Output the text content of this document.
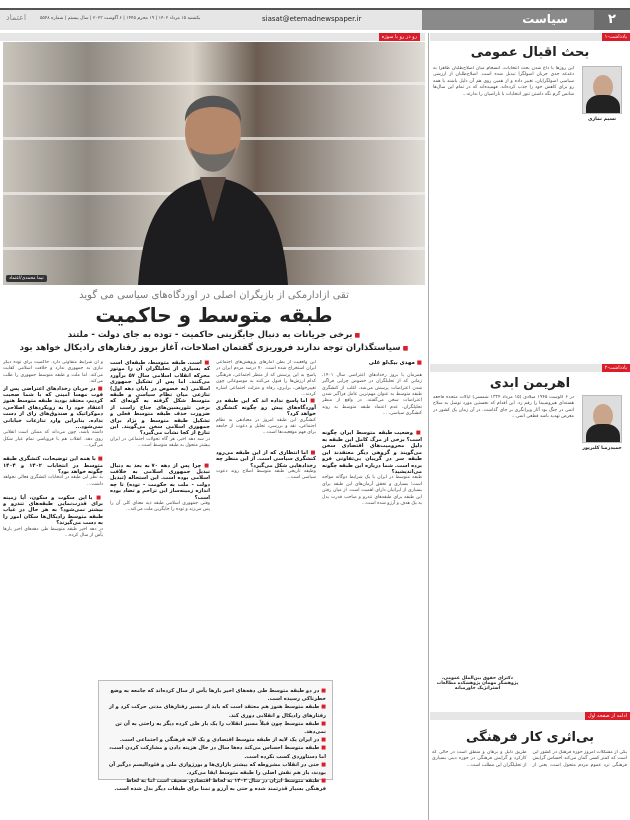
۲
سیاست
siasat@etemadnewspaper.ir
یکشنبه ۱۵ مرداد ۱۴۰۲ | ۱۹ محرم ۱۴۴۵ | ۶ آگوست ۲۰۲۳ | سال بیستم | شماره ۵۵۴۸
اعتماد
رو در رو با سوژه	یادداشت-۱
نیما محمدی/اعتماد
تقی ازادارمکی از بازیگران اصلی در اوردگاه‌های سیاسی می گوید
طبقه متوسط و حاکمیت
■ برخی جریانات به دنبال جایگزینی حاکمیت - توده به جای دولت - ملتند
■ سیاستگذاران توجه ندارند فروریزی گفتمان اصلاحات، آغاز بروز رفتارهای رادیکال خواهد بود
■ مهدی بیگ‌لو غلی

همزمان با بروز رخدادهای اعتراضی سال ۱۴۰۱، زمانی که از تحلیلگران در خصوص چرایی فراگیر شدن اعتراضات پرسش می‌شد، اغلب از کنشگری طبقه متوسط به عنوان مهم‌ترین عامل فراگیر شدن اعتراضات سخن می‌گفتند. در واقع از منظر تحلیلگران، عدم اعتماد طبقه متوسط به روند کنشگری سیاسی، ...

■ وضعیت طبقه متوسط ایران چگونه است؟ برخی از مرگ کامل این طبقه به دلیل محرومیت‌های اقتصادی سخن می‌گویند و گروهی دیگر معتقدند این طبقه سر در گریبان بی‌تفاوتی فرو برده است. شما درباره این طبقه چگونه می‌اندیشید؟
طبقه متوسط در ایران با یک شرایط دوگانه مواجه است؛ بسیاری و تحقق آرمان‌های این طبقه برای بسیاری از ایرانیان دارای اهمیت است. از میان رفتن این طبقه برای طبقه‌های تندرو و صاحب قدرت بدل به یک هدف و آرزو شده است...
این واقعیت از بطن آمارهای پژوهش‌های اجتماعی ایران استخراج شده است. ۷۰ درصد مردم ایران در پاسخ به این پرسش که از منظر اجتماعی، فرهنگی کدام ارزش‌ها را قبول می‌کنند به موضوعاتی چون تغییرخواهی، برابری، رفاه و منزلت اجتماعی اشاره کردند...

■ اما پاسخ نداده اند که این طبقه در آوردگاه‌های پیش رو چگونه کنشگری خواهد کرد؟
کنشگری این طبقه امروز در معنادهی به نظام اجتماعی، نقد و بررسی، تحلیل و دعوت از جامعه برای فهم موقعیت‌ها است...

■ اما انتظاری که از این طبقه می‌رود کنشگری سیاسی است. از این منظر چه رخدادهایی شکل می‌گیرد؟
وظیفه تاریخی طبقه متوسط اصلاح روند دعوت سیاسی است...
■ است. طبقه متوسط، طبقه‌ای است که بسیاری از تحلیلگران آن را موتور محرکه انقلاب اسلامی سال ۵۷ برآورد می‌کنند. اما پس از تشکیل جمهوری اسلامی (به خصوص در پایان دهه اول) تنازعی میان نظام سیاسی و طبقه متوسط شکل گرفته به گونه‌ای که برخی تئوریسین‌های جناح راست از ضرورت حذف طبقه متوسط فعلی و تشکیل طبقه متوسط و نژاد برای جمهوری اسلامی سخن می‌گویند. این تنازع از کجا نشأت می‌گیرد؟
در سه دهه اخیر، هر گاه تحولات اجتماعی در ایران بیشتر متحول به طبقه متوسط است...

■ چرا پس از دهه ۷۰ به بعد به دنبال تبدیل جمهوری اسلامی به خلافت اسلامی بوده است. این استحاله (تبدیل دولت - ملت به حکومت - توده) تا چه اندازه زمینه‌ساز این تراحم و تضاد بوده است؟
وقتی جمهوری اسلامی طبقه ذیه معنای کلی آن را پس می‌زند و توده را جایگزین ملت می‌کند...
و آن شرایط متفاوتی دارد. حاکمیت برای توده دیگر نیازی به جمهوری ندارد و خلافت اسلامی کفایت می‌کند. اما ملت و طبقه متوسط جمهوری را طلب می‌کند.
■ در جریان رخدادهای اعتراضی پس از فوت مهسا امینی که با شما صحبت کردیم، معتقد بودید طبقه متوسط هنوز اعتقاد خود را به رویکردهای اصلاحی، دموکراتیک و صندوق‌های رای از دست نداده. بنابراین وارد تنازعات خیابانی نمی‌شود...
داشته باشد، چون می‌داند که ممکن است انقلابی روی دهد. انقلاب هم با فروپاشی تمام عیار شکل می‌گیرد...

■ با همه این توضیحات، کنشگری طبقه متوسط در انتخابات ۱۴۰۲ و ۱۴۰۴ چگونه خواهد بود؟
به نظر این طبقه در انتخابات کنشگری فعالی نخواهد داشت...

■ با این سکوت و سکون، آیا زمینه برای قدرت‌نمایی طبقه‌های تندرو و بیشتر نمی‌شود؟ به هر حال در غیاب طبقه متوسط رادیکال‌ها سکان امور را به دست می‌گیرند؟
در دهه اخیر طبقه متوسط طی دهه‌های اخیر بارها یأس از سال کرده...

■ در دو طبقه متوسط طی دهه‌های اخیر بارها یأس از سال کرده‌اند که جامعه به وضع خطرناکی رسیده است.

■ طبقه متوسط هنوز هم معتقد است که باید از مسیر رفتارهای مدنی حرکت کرد و از رفتارهای رادیکال و انقلابی دوری کند.

■ طبقه متوسط چون قبلاً مسیر انقلاب را یک بار طی کرده دیگر به راحتی به آن تن نمی‌دهد.

■ در ایران یک لایه از طبقه متوسط اقتصادی و یک لایه فرهنگی و اجتماعی است.

■ طبقه متوسط احساس می‌کند ده‌ها سال در حال هزینه دادن و مشارکت کردن است، اما دستاوردی کسب نکرده است.

■ حتی در انقلاب مشروطه که بیشتر بازاری‌ها و بورژوازی ملی و فئودالیسم درگیر آن بودند، باز هم نقش اصلی را طبقه متوسط ایفا می‌کرد.

■ طبقه متوسط ایران در سال ۱۴۰۲ به لحاظ اقتصادی ضعیف است اما به لحاظ فرهنگی بسیار قدرتمند شده و حتی به آرزو و تمنا برای طبقات دیگر بدل شده است.

بحث اقبال عمومی
نسیم نمازی
این روزها با داغ شدن بحث انتخابات، انسجام میان اصلاح‌طلبان ظاهراً به دغدغه جدی جریان اصولگرا تبدیل شده است. اصلاح‌طلبان از ارزشی سیاسی اصولگرایان، تغییر داده و از همین روی هم آن دلیل باشند با همه رو برای کاهش خود را جذب کرده‌اند. فهمیده‌اند که در تمام این سال‌ها شانس گرم نگه داشتن تنور انتخابات با ناراضیان را ندارند...
یادداشت-۲
اهریمن ابدی
حمیدرضا کلبرپور
در ۶ آگوست ۱۹۴۵ میلادی (۱۵ مرداد ۱۳۲۴ شمسی) ایالات متحده فاجعه هسته‌ای هیروشیما را رقم زد. این اقدام که نخستین مورد توسل به سلاح اتمی در جنگ بود آثار ویرانگری بر جای گذاشت. در آن زمان یک کشور در معرض تهدید باشد قطعی اتمی...
دکترای حقوق بین‌الملل عمومی، پژوهشگر مهمان پژوهشکده مطالعات استراتژیک خاورمیانه
ادامه از صفحه اول
بی‌اثری کار فرهنگی
یکی از مشکلات امروز حوزه فرهنگ در کشور این است که کمتر کسی گمان می‌کند احساس گرایش فرهنگی نزد عموم مردم متحول است، یعنی از طریق دلیل و برهان و منطق است در حالی که کارکرد و گرایش فرهنگی در حوزه دینی بسیاری از تحلیلگران این مطلب است...
